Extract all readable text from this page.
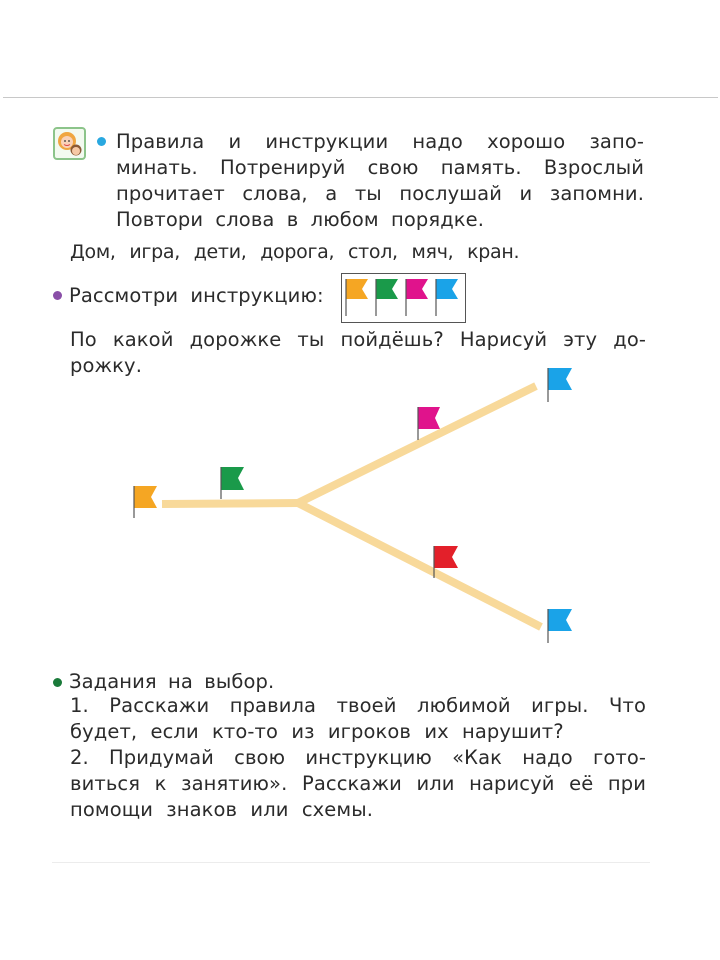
Правила и инструкции надо хорошо запо-
минать. Потренируй свою память. Взрослый
прочитает слова, а ты послушай и запомни.
Повтори слова в любом порядке.
Дом, игра, дети, дорога, стол, мяч, кран.
Рассмотри инструкцию:
По какой дорожке ты пойдёшь? Нарисуй эту до-
рожку.
Задания на выбор.
1. Расскажи правила твоей любимой игры. Что
будет, если кто-то из игроков их нарушит?
2. Придумай свою инструкцию «Как надо гото-
виться к занятию». Расскажи или нарисуй её при
помощи знаков или схемы.
